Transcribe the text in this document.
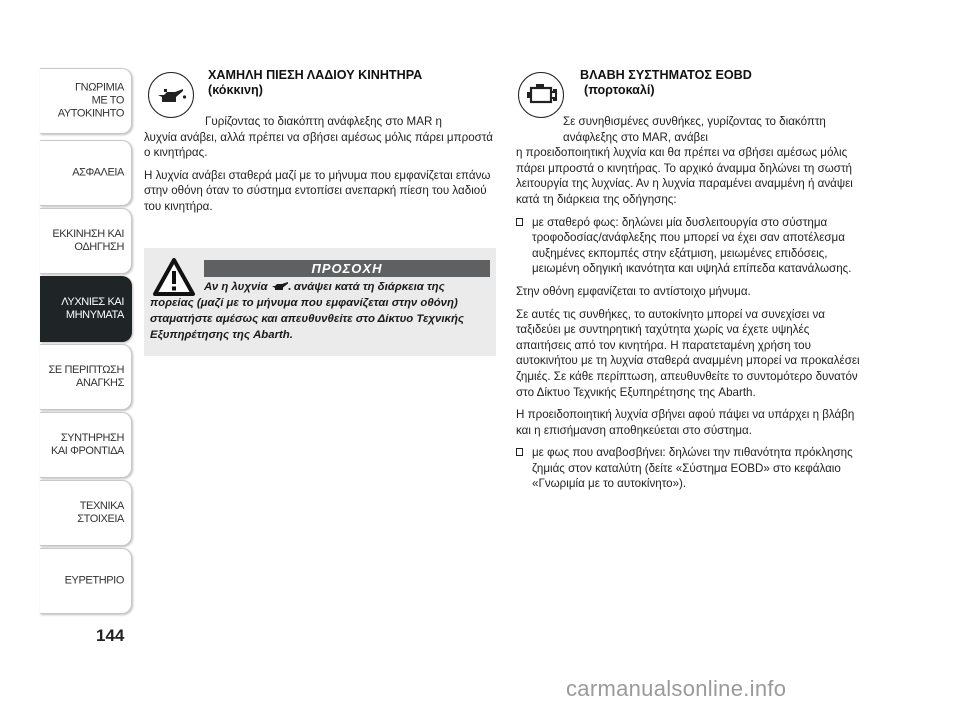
ΓΝΩΡΙΜΙΑ
ΜΕ ΤΟ
ΑΥΤΟΚΙΝΗΤΟ
ΑΣΦΑΛΕΙΑ
ΕΚΚΙΝΗΣΗ ΚΑΙ
ΟΔΗΓΗΣΗ
ΛΥΧΝΙΕΣ ΚΑΙ
ΜΗΝΥΜΑΤΑ
ΣΕ ΠΕΡΙΠΤΩΣΗ
ΑΝΑΓΚΗΣ
ΣΥΝΤΗΡΗΣΗ
ΚΑΙ ΦΡΟΝΤΙΔΑ
ΤΕΧΝΙΚΑ
ΣΤΟΙΧΕΙΑ
ΕΥΡΕΤΗΡΙΟ
144
ΧΑΜΗΛΗ ΠΙΕΣΗ ΛΑΔΙΟΥ ΚΙΝΗΤΗΡΑ
(κόκκινη)

Γυρίζοντας το διακόπτη ανάφλεξης στο MAR η

λυχνία ανάβει, αλλά πρέπει να σβήσει αμέσως μόλις πάρει μπροστά ο κινητήρας.

Η λυχνία ανάβει σταθερά μαζί με το μήνυμα που εμφανίζεται επάνω στην οθόνη όταν το σύστημα εντοπίσει ανεπαρκή πίεση του λαδιού του κινητήρα.

ΠΡΟΣΟΧΗ
Αν η λυχνία ανάψει κατά τη διάρκεια της πορείας (μαζί με το μήνυμα που εμφανίζεται στην οθόνη) σταματήστε αμέσως και απευθυνθείτε στο Δίκτυο Τεχνικής Εξυπηρέτησης της Abarth.
ΒΛΑΒΗ ΣΥΣΤΗΜΑΤΟΣ EOBD
(πορτοκαλί)

Σε συνηθισμένες συνθήκες, γυρίζοντας το διακόπτη ανάφλεξης στο MAR, ανάβει

η προειδοποιητική λυχνία και θα πρέπει να σβήσει αμέσως μόλις πάρει μπροστά ο κινητήρας. Το αρχικό άναμμα δηλώνει τη σωστή λειτουργία της λυχνίας. Αν η λυχνία παραμένει αναμμένη ή ανάψει κατά τη διάρκεια της οδήγησης:

με σταθερό φως: δηλώνει μία δυσλειτουργία στο σύστημα τροφοδοσίας/ανάφλεξης που μπορεί να έχει σαν αποτέλεσμα αυξημένες εκπομπές στην εξάτμιση, μειωμένες επιδόσεις, μειωμένη οδηγική ικανότητα και υψηλά επίπεδα κατανάλωσης.

Στην οθόνη εμφανίζεται το αντίστοιχο μήνυμα.

Σε αυτές τις συνθήκες, το αυτοκίνητο μπορεί να συνεχίσει να ταξιδεύει με συντηρητική ταχύτητα χωρίς να έχετε υψηλές απαιτήσεις από τον κινητήρα. Η παρατεταμένη χρήση του αυτοκινήτου με τη λυχνία σταθερά αναμμένη μπορεί να προκαλέσει ζημιές. Σε κάθε περίπτωση, απευθυνθείτε το συντομότερο δυνατόν στο Δίκτυο Τεχνικής Εξυπηρέτησης της Abarth.

Η προειδοποιητική λυχνία σβήνει αφού πάψει να υπάρχει η βλάβη και η επισήμανση αποθηκεύεται στο σύστημα.

με φως που αναβοσβήνει: δηλώνει την πιθανότητα πρόκλησης ζημιάς στον καταλύτη (δείτε «Σύστημα EOBD» στο κεφάλαιο «Γνωριμία με το αυτοκίνητο»).

carmanualsonline.info
